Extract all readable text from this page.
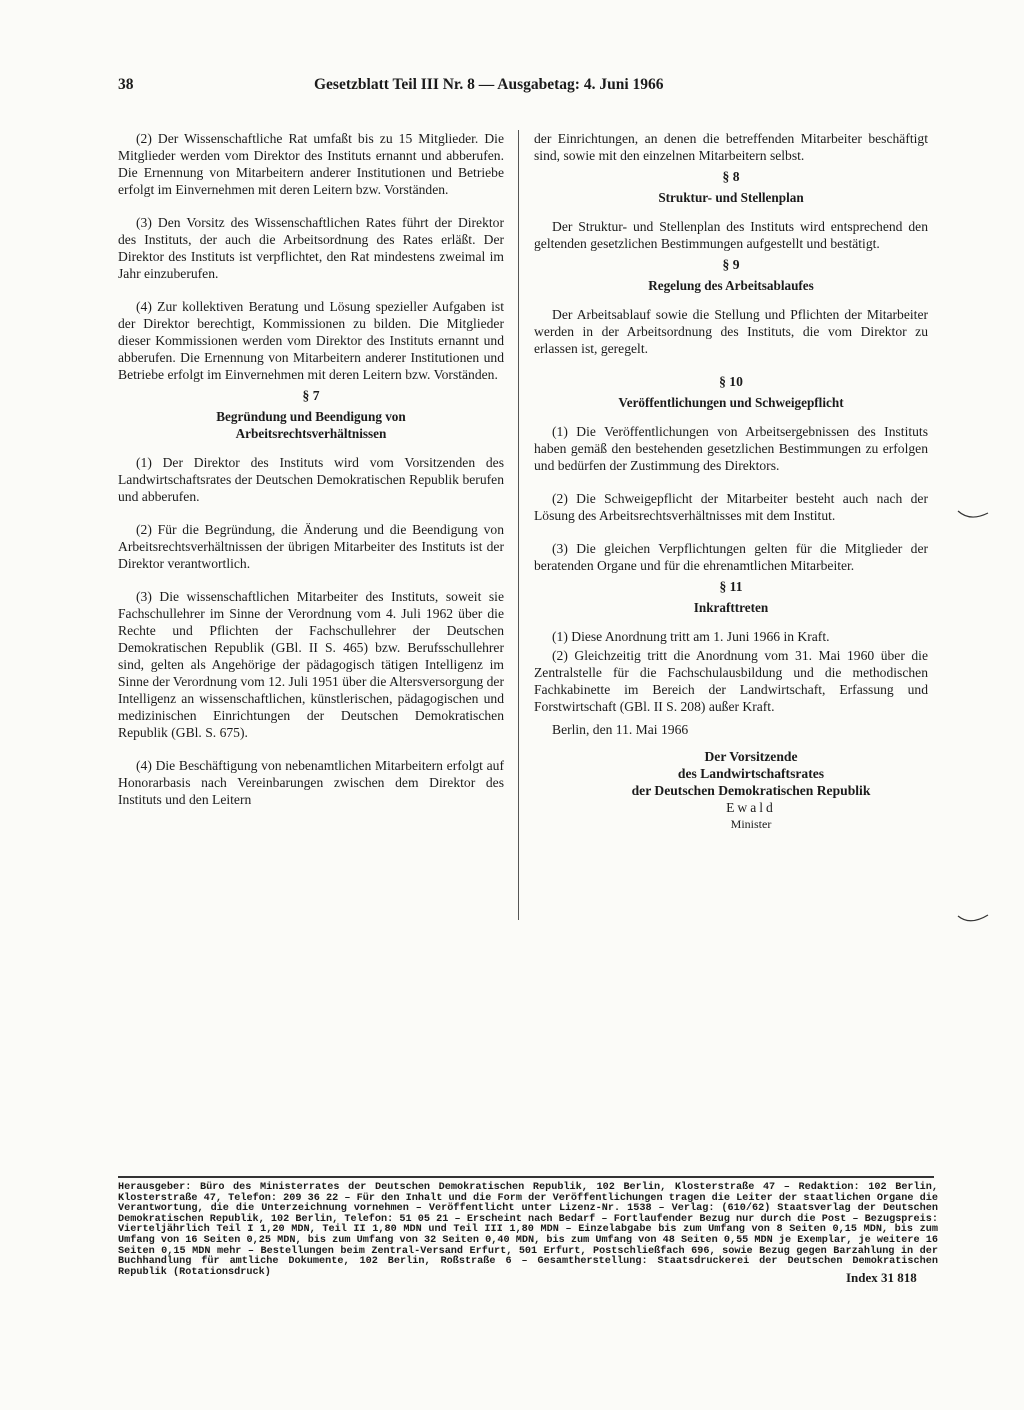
38	Gesetzblatt Teil III Nr. 8 — Ausgabetag: 4. Juni 1966

(2) Der Wissenschaftliche Rat umfaßt bis zu 15 Mitglieder. Die Mitglieder werden vom Direktor des Instituts ernannt und abberufen. Die Ernennung von Mitarbeitern anderer Institutionen und Betriebe erfolgt im Einvernehmen mit deren Leitern bzw. Vorständen.

(3) Den Vorsitz des Wissenschaftlichen Rates führt der Direktor des Instituts, der auch die Arbeitsordnung des Rates erläßt. Der Direktor des Instituts ist verpflichtet, den Rat mindestens zweimal im Jahr einzuberufen.

(4) Zur kollektiven Beratung und Lösung spezieller Aufgaben ist der Direktor berechtigt, Kommissionen zu bilden. Die Mitglieder dieser Kommissionen werden vom Direktor des Instituts ernannt und abberufen. Die Ernennung von Mitarbeitern anderer Institutionen und Betriebe erfolgt im Einvernehmen mit deren Leitern bzw. Vorständen.

§ 7
Begründung und Beendigung von
Arbeitsrechtsverhältnissen

(1) Der Direktor des Instituts wird vom Vorsitzenden des Landwirtschaftsrates der Deutschen Demokratischen Republik berufen und abberufen.

(2) Für die Begründung, die Änderung und die Beendigung von Arbeitsrechtsverhältnissen der übrigen Mitarbeiter des Instituts ist der Direktor verantwortlich.

(3) Die wissenschaftlichen Mitarbeiter des Instituts, soweit sie Fachschullehrer im Sinne der Verordnung vom 4. Juli 1962 über die Rechte und Pflichten der Fachschullehrer der Deutschen Demokratischen Republik (GBl. II S. 465) bzw. Berufsschullehrer sind, gelten als Angehörige der pädagogisch tätigen Intelligenz im Sinne der Verordnung vom 12. Juli 1951 über die Altersversorgung der Intelligenz an wissenschaftlichen, künstlerischen, pädagogischen und medizinischen Einrichtungen der Deutschen Demokratischen Republik (GBl. S. 675).

(4) Die Beschäftigung von nebenamtlichen Mitarbeitern erfolgt auf Honorarbasis nach Vereinbarungen zwischen dem Direktor des Instituts und den Leitern

der Einrichtungen, an denen die betreffenden Mitarbeiter beschäftigt sind, sowie mit den einzelnen Mitarbeitern selbst.

§ 8
Struktur- und Stellenplan

Der Struktur- und Stellenplan des Instituts wird entsprechend den geltenden gesetzlichen Bestimmungen aufgestellt und bestätigt.

§ 9
Regelung des Arbeitsablaufes

Der Arbeitsablauf sowie die Stellung und Pflichten der Mitarbeiter werden in der Arbeitsordnung des Instituts, die vom Direktor zu erlassen ist, geregelt.

§ 10
Veröffentlichungen und Schweigepflicht

(1) Die Veröffentlichungen von Arbeitsergebnissen des Instituts haben gemäß den bestehenden gesetzlichen Bestimmungen zu erfolgen und bedürfen der Zustimmung des Direktors.

(2) Die Schweigepflicht der Mitarbeiter besteht auch nach der Lösung des Arbeitsrechtsverhältnisses mit dem Institut.

(3) Die gleichen Verpflichtungen gelten für die Mitglieder der beratenden Organe und für die ehrenamtlichen Mitarbeiter.

§ 11
Inkrafttreten

(1) Diese Anordnung tritt am 1. Juni 1966 in Kraft.

(2) Gleichzeitig tritt die Anordnung vom 31. Mai 1960 über die Zentralstelle für die Fachschulausbildung und die methodischen Fachkabinette im Bereich der Landwirtschaft, Erfassung und Forstwirtschaft (GBl. II S. 208) außer Kraft.

Berlin, den 11. Mai 1966
Der Vorsitzende
des Landwirtschaftsrates
der Deutschen Demokratischen Republik
Ewald
Minister
Herausgeber: Büro des Ministerrates der Deutschen Demokratischen Republik, 102 Berlin, Klosterstraße 47 – Redaktion: 102 Berlin, Klosterstraße 47, Telefon: 209 36 22 – Für den Inhalt und die Form der Veröffentlichungen tragen die Leiter der staatlichen Organe die Verantwortung, die die Unterzeichnung vornehmen – Veröffentlicht unter Lizenz-Nr. 1538 – Verlag: (610/62) Staatsverlag der Deutschen Demokratischen Republik, 102 Berlin, Telefon: 51 05 21 – Erscheint nach Bedarf – Fortlaufender Bezug nur durch die Post – Bezugspreis: Vierteljährlich Teil I 1,20 MDN, Teil II 1,80 MDN und Teil III 1,80 MDN – Einzelabgabe bis zum Umfang von 8 Seiten 0,15 MDN, bis zum Umfang von 16 Seiten 0,25 MDN, bis zum Umfang von 32 Seiten 0,40 MDN, bis zum Umfang von 48 Seiten 0,55 MDN je Exemplar, je weitere 16 Seiten 0,15 MDN mehr – Bestellungen beim Zentral-Versand Erfurt, 501 Erfurt, Postschließfach 696, sowie Bezug gegen Barzahlung in der Buchhandlung für amtliche Dokumente, 102 Berlin, Roßstraße 6 – Gesamtherstellung: Staatsdruckerei der Deutschen Demokratischen Republik (Rotationsdruck)	Index 31 818
